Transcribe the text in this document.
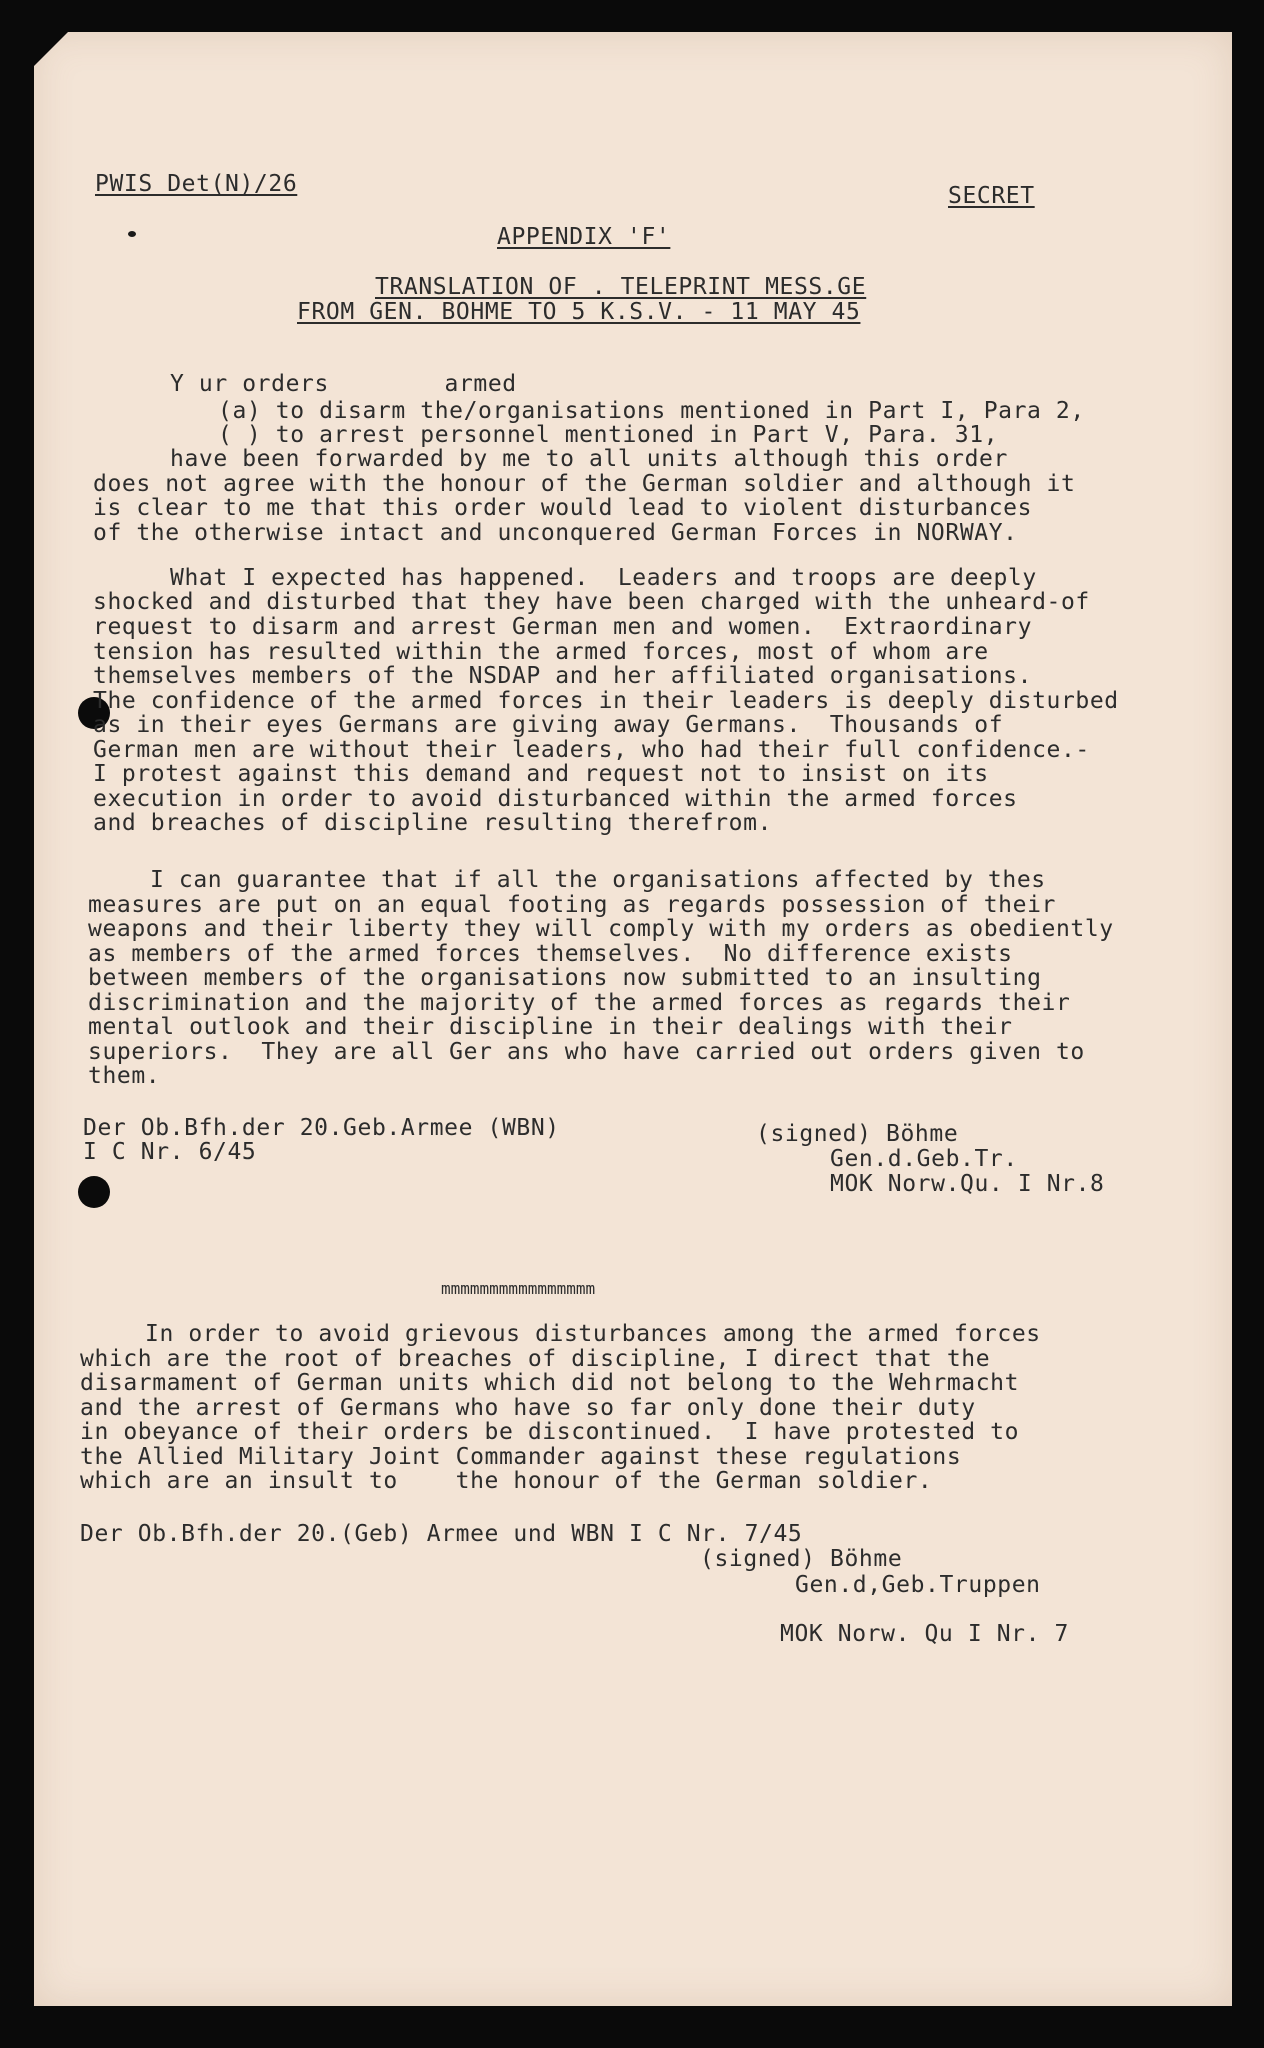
PWIS Det(N)/26	SECRET
APPENDIX 'F'
TRANSLATION OF . TELEPRINT MESS.GE
FROM GEN. BOHME TO 5 K.S.V. - 11 MAY 45
Y ur orders        armed
(a) to disarm the/organisations mentioned in Part I, Para 2,
( ) to arrest personnel mentioned in Part V, Para. 31,
have been forwarded by me to all units although this order
does not agree with the honour of the German soldier and although it
is clear to me that this order would lead to violent disturbances
of the otherwise intact and unconquered German Forces in NORWAY.
What I expected has happened.  Leaders and troops are deeply
shocked and disturbed that they have been charged with the unheard-of
request to disarm and arrest German men and women.  Extraordinary
tension has resulted within the armed forces, most of whom are
themselves members of the NSDAP and her affiliated organisations.
The confidence of the armed forces in their leaders is deeply disturbed
as in their eyes Germans are giving away Germans.  Thousands of
German men are without their leaders, who had their full confidence.-
I protest against this demand and request not to insist on its
execution in order to avoid disturbanced within the armed forces
and breaches of discipline resulting therefrom.
I can guarantee that if all the organisations affected by thes
measures are put on an equal footing as regards possession of their
weapons and their liberty they will comply with my orders as obediently
as members of the armed forces themselves.  No difference exists
between members of the organisations now submitted to an insulting
discrimination and the majority of the armed forces as regards their
mental outlook and their discipline in their dealings with their
superiors.  They are all Ger ans who have carried out orders given to
them.
Der Ob.Bfh.der 20.Geb.Armee (WBN)
I C Nr. 6/45
(signed) Böhme
Gen.d.Geb.Tr.
MOK Norw.Qu. I Nr.8
mmmmmmmmmmmmmmmm
In order to avoid grievous disturbances among the armed forces
which are the root of breaches of discipline, I direct that the
disarmament of German units which did not belong to the Wehrmacht
and the arrest of Germans who have so far only done their duty
in obeyance of their orders be discontinued.  I have protested to
the Allied Military Joint Commander against these regulations
which are an insult to    the honour of the German soldier.
Der Ob.Bfh.der 20.(Geb) Armee und WBN I C Nr. 7/45
(signed) Böhme
Gen.d,Geb.Truppen
MOK Norw. Qu I Nr. 7
